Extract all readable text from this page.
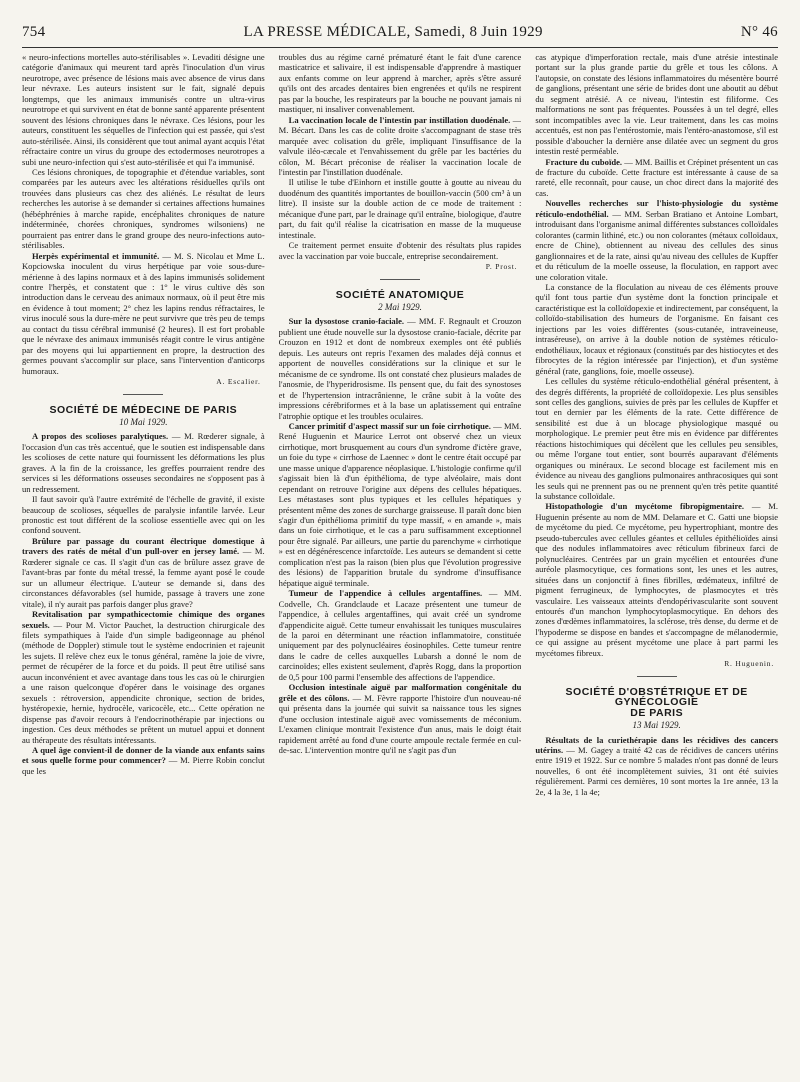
754	LA PRESSE MÉDICALE, Samedi, 8 Juin 1929	N° 46

« neuro-infections mortelles auto-stérilisables ». Levaditi désigne une catégorie d'animaux qui meurent tard après l'inoculation d'un virus neurotrope, avec présence de lésions mais avec absence de virus dans leur névraxe. Les auteurs insistent sur le fait, signalé depuis longtemps, que les animaux immunisés contre un ultra-virus neurotrope et qui survivent en état de bonne santé apparente présentent souvent des lésions chroniques dans le névraxe. Ces lésions, pour les auteurs, constituent les séquelles de l'infection qui est passée, qui s'est auto-stérilisée. Ainsi, ils considèrent que tout animal ayant acquis l'état réfractaire contre un virus du groupe des ectodermoses neurotropes a subi une neuro-infection qui s'est auto-stérilisée et qui l'a immunisé.

Ces lésions chroniques, de topographie et d'étendue variables, sont comparées par les auteurs avec les altérations résiduelles qu'ils ont trouvées dans plusieurs cas chez des aliénés. Le résultat de leurs recherches les autorise à se demander si certaines affections humaines (hébéphrénies à marche rapide, encéphalites chroniques de nature indéterminée, chorées chroniques, syndromes wilsoniens) ne pourraient pas entrer dans le grand groupe des neuro-infections auto-stérilisables.

Herpès expérimental et immunité. — M. S. Nicolau et Mme L. Kopciowska inoculent du virus herpétique par voie sous-dure-mérienne à des lapins normaux et à des lapins immunisés solidement contre l'herpès, et constatent que : 1° le virus cultive dès son introduction dans le cerveau des animaux normaux, où il peut être mis en évidence à tout moment; 2° chez les lapins rendus réfractaires, le virus inoculé sous la dure-mère ne peut survivre que très peu de temps au contact du tissu cérébral immunisé (2 heures). Il est fort probable que le névraxe des animaux immunisés réagit contre le virus antigène par des moyens qui lui appartiennent en propre, la destruction des germes pouvant s'accomplir sur place, sans l'intervention d'anticorps humoraux.

A. Escalier.
SOCIÉTÉ DE MÉDECINE DE PARIS
10 Mai 1929.

A propos des scolioses paralytiques. — M. Rœderer signale, à l'occasion d'un cas très accentué, que le soutien est indispensable dans les scolioses de cette nature qui fournissent les déformations les plus graves. A la fin de la croissance, les greffes pourraient rendre des services si les déformations osseuses secondaires ne s'opposent pas à un redressement.

Il faut savoir qu'à l'autre extrémité de l'échelle de gravité, il existe beaucoup de scolioses, séquelles de paralysie infantile larvée. Leur pronostic est tout différent de la scoliose essentielle avec qui on les confond souvent.

Brûlure par passage du courant électrique domestique à travers des ratés de métal d'un pull-over en jersey lamé. — M. Rœderer signale ce cas. Il s'agit d'un cas de brûlure assez grave de l'avant-bras par fonte du métal tressé, la femme ayant posé le coude sur un allumeur électrique. L'auteur se demande si, dans des circonstances défavorables (sel humide, passage à travers une zone vitale), il n'y aurait pas parfois danger plus grave?

Revitalisation par sympathicectomie chimique des organes sexuels. — Pour M. Victor Pauchet, la destruction chirurgicale des filets sympathiques à l'aide d'un simple badigeonnage au phénol (méthode de Doppler) stimule tout le système endocrinien et rajeunit les sujets. Il relève chez eux le tonus général, ramène la joie de vivre, permet de récupérer de la force et du poids. Il peut être utilisé sans aucun inconvénient et avec avantage dans tous les cas où le chirurgien a une raison quelconque d'opérer dans le voisinage des organes sexuels : rétroversion, appendicite chronique, section de brides, hystéropexie, hernie, hydrocèle, varicocèle, etc... Cette opération ne dispense pas d'avoir recours à l'endocrinothérapie par injections ou ingestion. Ces deux méthodes se prêtent un mutuel appui et donnent au thérapeute des résultats intéressants.

A quel âge convient-il de donner de la viande aux enfants sains et sous quelle forme pour commencer? — M. Pierre Robin conclut que les

troubles dus au régime carné prématuré étant le fait d'une carence masticatrice et salivaire, il est indispensable d'apprendre à mastiquer aux enfants comme on leur apprend à marcher, après s'être assuré qu'ils ont des arcades dentaires bien engrenées et qu'ils ne respirent pas par la bouche, les respirateurs par la bouche ne pouvant jamais ni mastiquer, ni insaliver convenablement.

La vaccination locale de l'intestin par instillation duodénale. — M. Bécart. Dans les cas de colite droite s'accompagnant de stase très marquée avec colisation du grêle, impliquant l'insuffisance de la valvule iléo-cæcale et l'envahissement du grêle par les bactéries du côlon, M. Bécart préconise de réaliser la vaccination locale de l'intestin par l'instillation duodénale.

Il utilise le tube d'Einhorn et instille goutte à goutte au niveau du duodénum des quantités importantes de bouillon-vaccin (500 cm³ à un litre). Il insiste sur la double action de ce mode de traitement : mécanique d'une part, par le drainage qu'il entraîne, biologique, d'autre part, du fait qu'il réalise la cicatrisation en masse de la muqueuse intestinale.

Ce traitement permet ensuite d'obtenir des résultats plus rapides avec la vaccination par voie buccale, entreprise secondairement.

P. Prost.
SOCIÉTÉ ANATOMIQUE
2 Mai 1929.

Sur la dysostose cranio-faciale. — MM. F. Regnault et Crouzon publient une étude nouvelle sur la dysostose cranio-faciale, décrite par Crouzon en 1912 et dont de nombreux exemples ont été publiés depuis. Les auteurs ont repris l'examen des malades déjà connus et apportent de nouvelles considérations sur la clinique et sur le mécanisme de ce syndrome. Ils ont constaté chez plusieurs malades de l'anosmie, de l'hyperidrosisme. Ils pensent que, du fait des synostoses et de l'hypertension intracrânienne, le crâne subit à la voûte des impressions cérébriformes et à la base un aplatissement qui entraîne l'atrophie optique et les troubles oculaires.

Cancer primitif d'aspect massif sur un foie cirrhotique. — MM. René Huguenin et Maurice Lerrot ont observé chez un vieux cirrhotique, mort brusquement au cours d'un syndrome d'ictère grave, un foie du type « cirrhose de Laennec » dont le centre était occupé par une masse unique d'apparence néoplasique. L'histologie confirme qu'il s'agissait bien là d'un épithélioma, de type alvéolaire, mais dont cependant on retrouve l'origine aux dépens des cellules hépatiques. Les métastases sont plus typiques et les cellules hépatiques y présentent même des zones de surcharge graisseuse. Il paraît donc bien s'agir d'un épithélioma primitif du type massif, « en amande », mais dans un foie cirrhotique, et le cas a paru suffisamment exceptionnel pour être signalé. Par ailleurs, une partie du parenchyme « cirrhotique » est en dégénérescence infarctoïde. Les auteurs se demandent si cette complication n'est pas la raison (bien plus que l'évolution progressive des lésions) de l'apparition brutale du syndrome d'insuffisance hépatique aiguë terminale.

Tumeur de l'appendice à cellules argentaffines. — MM. Codvelle, Ch. Grandclaude et Lacaze présentent une tumeur de l'appendice, à cellules argentaffines, qui avait créé un syndrome d'appendicite aiguë. Cette tumeur envahissait les tuniques musculaires de la paroi en déterminant une réaction inflammatoire, constituée uniquement par des polynucléaires éosinophiles. Cette tumeur rentre dans le cadre de celles auxquelles Lubarsh a donné le nom de carcinoïdes; elles existent seulement, d'après Rogg, dans la proportion de 0,5 pour 100 parmi l'ensemble des affections de l'appendice.

Occlusion intestinale aiguë par malformation congénitale du grêle et des côlons. — M. Fèvre rapporte l'histoire d'un nouveau-né qui présenta dans la journée qui suivit sa naissance tous les signes d'une occlusion intestinale aiguë avec vomissements de méconium. L'examen clinique montrait l'existence d'un anus, mais le doigt était rapidement arrêté au fond d'une courte ampoule rectale fermée en cul-de-sac. L'intervention montre qu'il ne s'agit pas d'un

cas atypique d'imperforation rectale, mais d'une atrésie intestinale portant sur la plus grande partie du grêle et tous les côlons. A l'autopsie, on constate des lésions inflammatoires du mésentère bourré de ganglions, présentant une série de brides dont une aboutit au début du segment atrésié. A ce niveau, l'intestin est filiforme. Ces malformations ne sont pas fréquentes. Poussées à un tel degré, elles sont incompatibles avec la vie. Leur traitement, dans les cas moins accentués, est non pas l'entérostomie, mais l'entéro-anastomose, s'il est possible d'aboucher la dernière anse dilatée avec un segment du gros intestin resté perméable.

Fracture du cuboïde. — MM. Baillis et Crépinet présentent un cas de fracture du cuboïde. Cette fracture est intéressante à cause de sa rareté, elle reconnaît, pour cause, un choc direct dans la majorité des cas.

Nouvelles recherches sur l'histo-physiologie du système réticulo-endothélial. — MM. Serban Bratiano et Antoine Lombart, introduisant dans l'organisme animal différentes substances colloïdales colorantes (carmin lithiné, etc.) ou non colorantes (métaux colloïdaux, encre de Chine), obtiennent au niveau des cellules des sinus ganglionnaires et de la rate, ainsi qu'au niveau des cellules de Kupffer et du réticulum de la moelle osseuse, la floculation, en rapport avec une coloration vitale.

La constance de la floculation au niveau de ces éléments prouve qu'il font tous partie d'un système dont la fonction principale et caractéristique est la colloïdopexie et indirectement, par conséquent, la colloïdo-stabilisation des humeurs de l'organisme. En faisant ces injections par les voies différentes (sous-cutanée, intraveineuse, intraséreuse), on arrive à la double notion de systèmes réticulo-endothéliaux, locaux et régionaux (constitués par des histiocytes et des fibrocytes de la région intéressée par l'injection), et d'un système général (rate, ganglions, foie, moelle osseuse).

Les cellules du système réticulo-endothélial général présentent, à des degrés différents, la propriété de colloïdopexie. Les plus sensibles sont celles des ganglions, suivies de près par les cellules de Kupffer et tout en dernier par les éléments de la rate. Cette différence de sensibilité est due à un blocage physiologique masqué ou morphologique. Le premier peut être mis en évidence par différentes réactions histochimiques qui décèlent que les cellules peu sensibles, ou même l'organe tout entier, sont bourrés auparavant d'éléments organiques ou minéraux. Le second blocage est facilement mis en évidence au niveau des ganglions pulmonaires anthracosiques qui sont les seuls qui ne prennent pas ou ne prennent qu'en très petite quantité la substance colloïdale.

Histopathologie d'un mycétome fibropigmentaire. — M. Huguenin présente au nom de MM. Delamare et C. Gatti une biopsie de mycétome du pied. Ce mycétome, peu hypertrophiant, montre des pseudo-tubercules avec cellules géantes et cellules épithélioïdes ainsi que des nodules inflammatoires avec réticulum fibrineux farci de polynucléaires. Centrées par un grain mycélien et entourées d'une auréole plasmocytique, ces formations sont, les unes et les autres, situées dans un conjonctif à fines fibrilles, œdémateux, infiltré de pigment ferrugineux, de lymphocytes, de plasmocytes et très vasculaire. Les vaisseaux atteints d'endopérivascularite sont souvent entourés d'un manchon lymphocytoplasmocytique. En dehors des zones d'œdèmes inflammatoires, la sclérose, très dense, du derme et de l'hypoderme se dispose en bandes et s'accompagne de mélanodermie, ce qui assigne au présent mycétome une place à part parmi les mycétomes fibreux.

R. Huguenin.
SOCIÉTÉ D'OBSTÉTRIQUE ET DE GYNÉCOLOGIE
DE PARIS
13 Mai 1929.

Résultats de la curiethérapie dans les récidives des cancers utérins. — M. Gagey a traité 42 cas de récidives de cancers utérins entre 1919 et 1922. Sur ce nombre 5 malades n'ont pas donné de leurs nouvelles, 6 ont été incomplètement suivies, 31 ont été suivies régulièrement. Parmi ces dernières, 10 sont mortes la 1re année, 13 la 2e, 4 la 3e, 1 la 4e;
